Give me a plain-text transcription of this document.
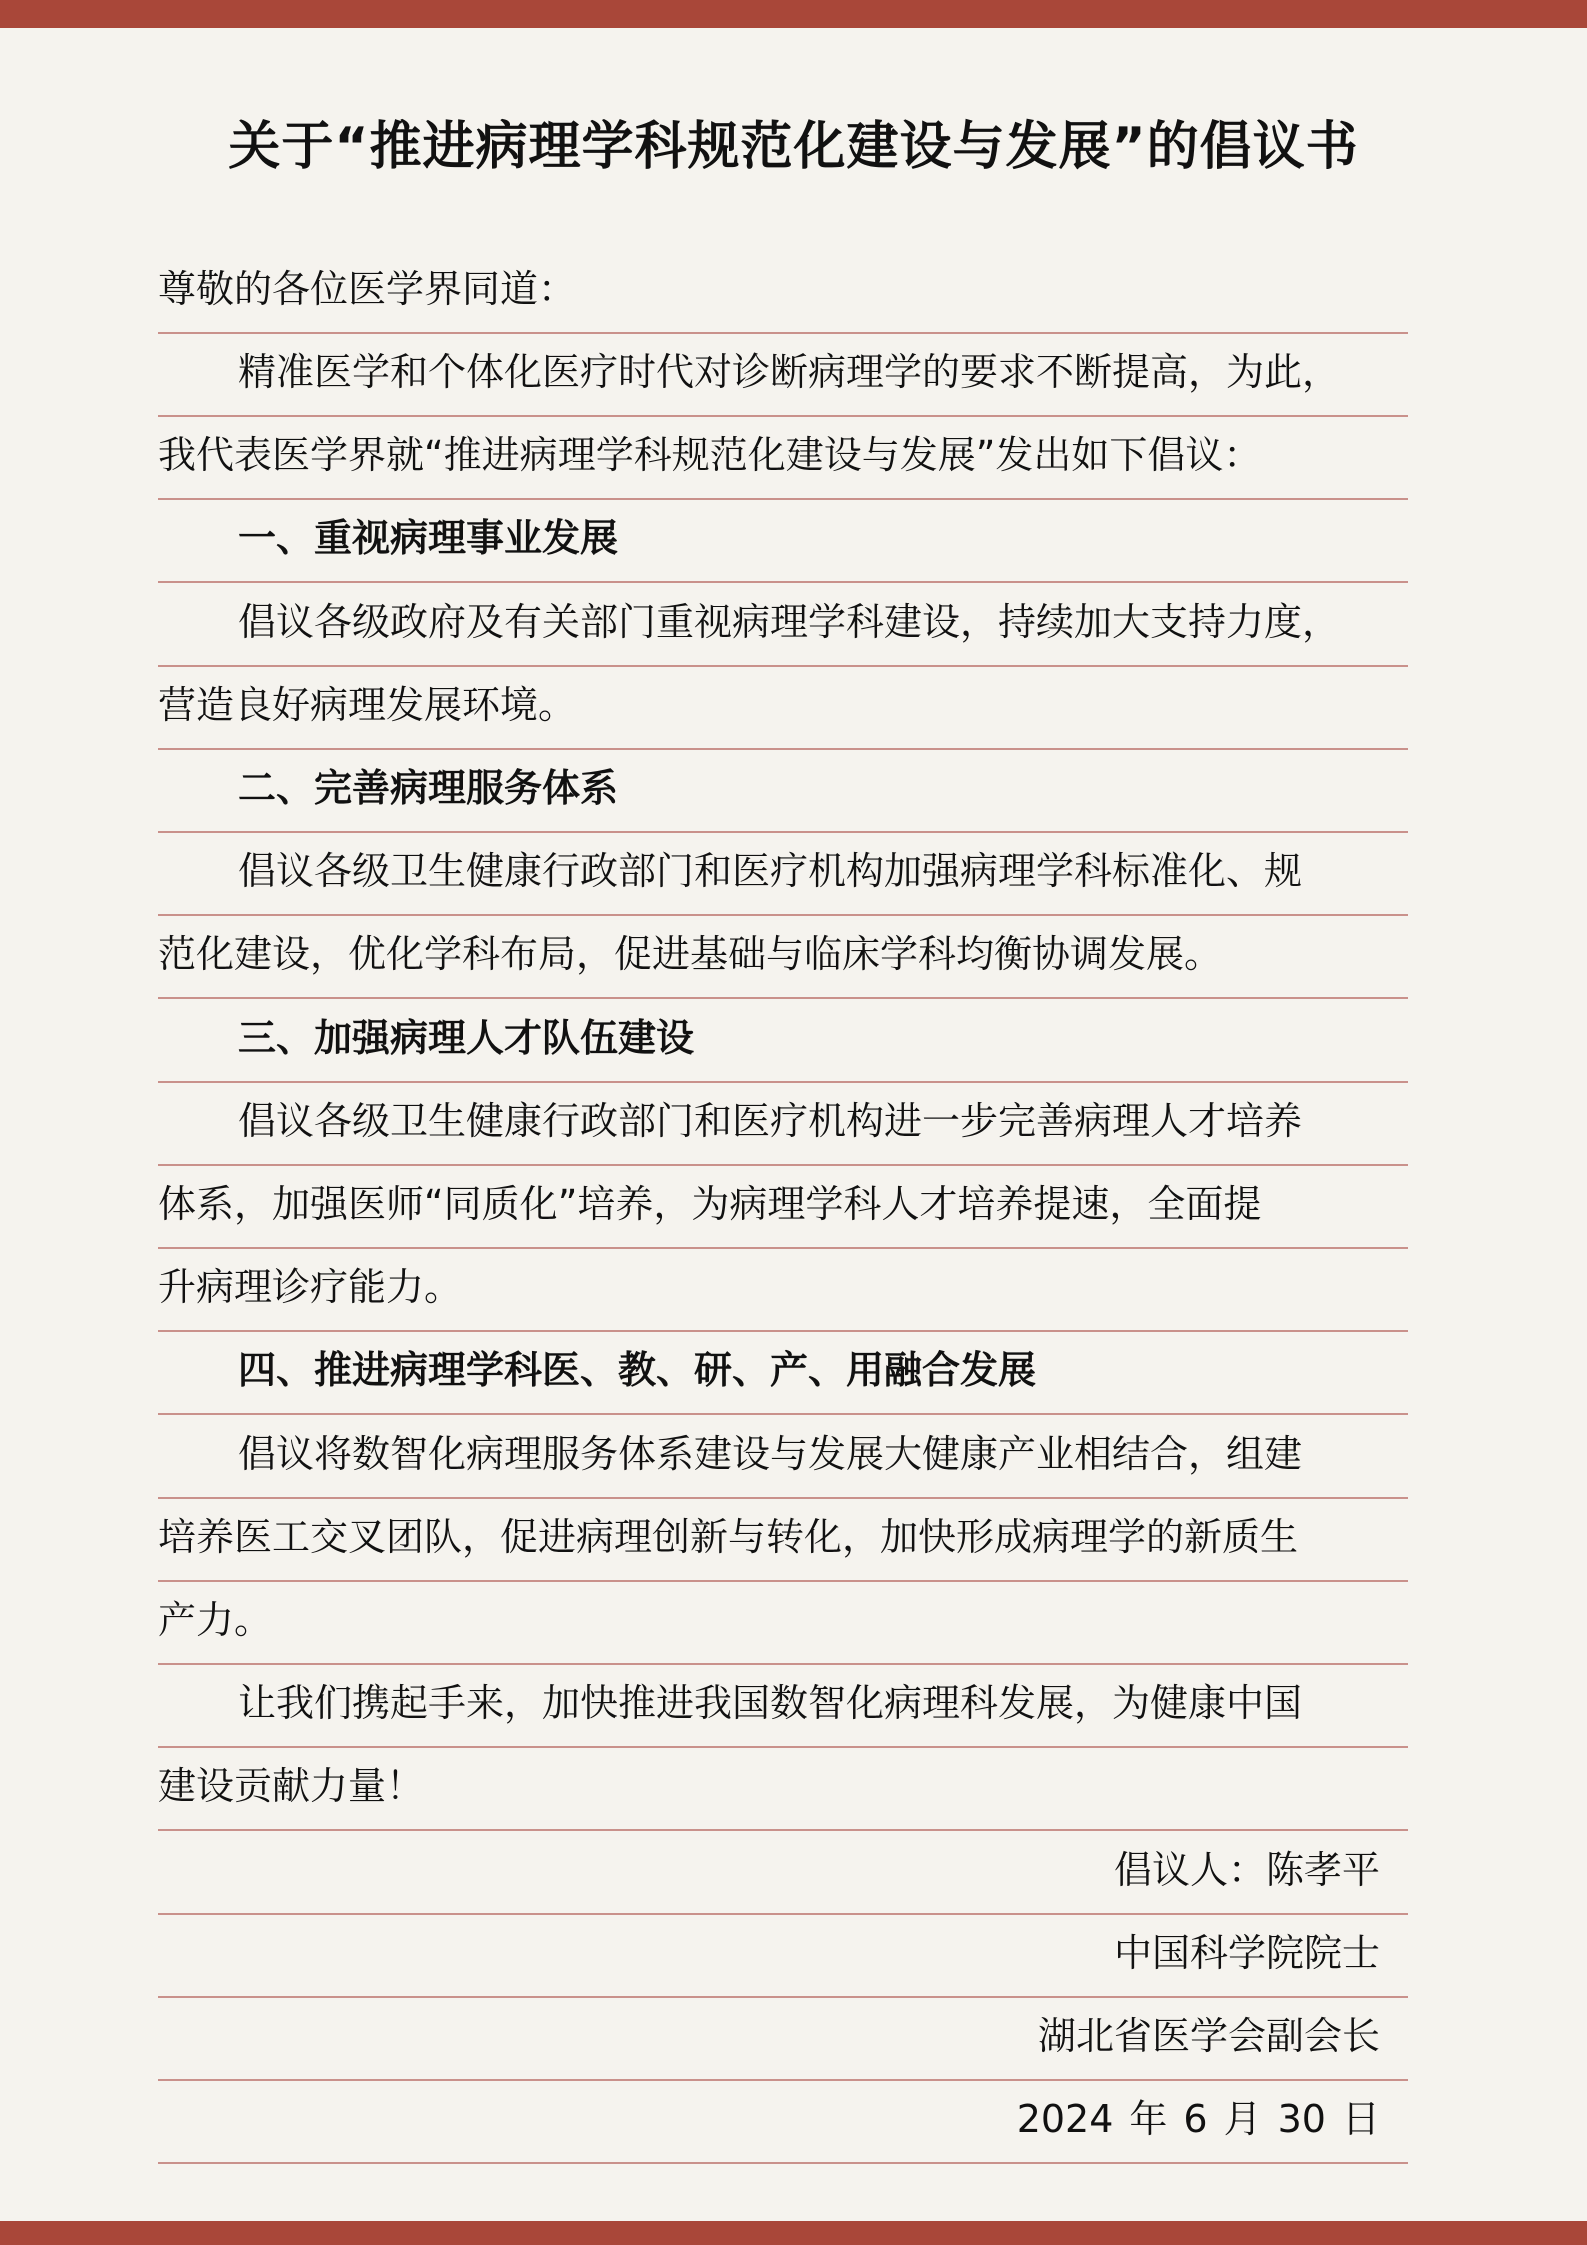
关于“推进病理学科规范化建设与发展”的倡议书
尊敬的各位医学界同道：
精准医学和个体化医疗时代对诊断病理学的要求不断提高，为此，
我代表医学界就“推进病理学科规范化建设与发展”发出如下倡议：
一、重视病理事业发展
倡议各级政府及有关部门重视病理学科建设，持续加大支持力度，
营造良好病理发展环境。
二、完善病理服务体系
倡议各级卫生健康行政部门和医疗机构加强病理学科标准化、规
范化建设，优化学科布局，促进基础与临床学科均衡协调发展。
三、加强病理人才队伍建设
倡议各级卫生健康行政部门和医疗机构进一步完善病理人才培养
体系，加强医师“同质化”培养，为病理学科人才培养提速，全面提
升病理诊疗能力。
四、推进病理学科医、教、研、产、用融合发展
倡议将数智化病理服务体系建设与发展大健康产业相结合，组建
培养医工交叉团队，促进病理创新与转化，加快形成病理学的新质生
产力。
让我们携起手来，加快推进我国数智化病理科发展，为健康中国
建设贡献力量！
倡议人：陈孝平
中国科学院院士
湖北省医学会副会长
2024 年 6 月 30 日
